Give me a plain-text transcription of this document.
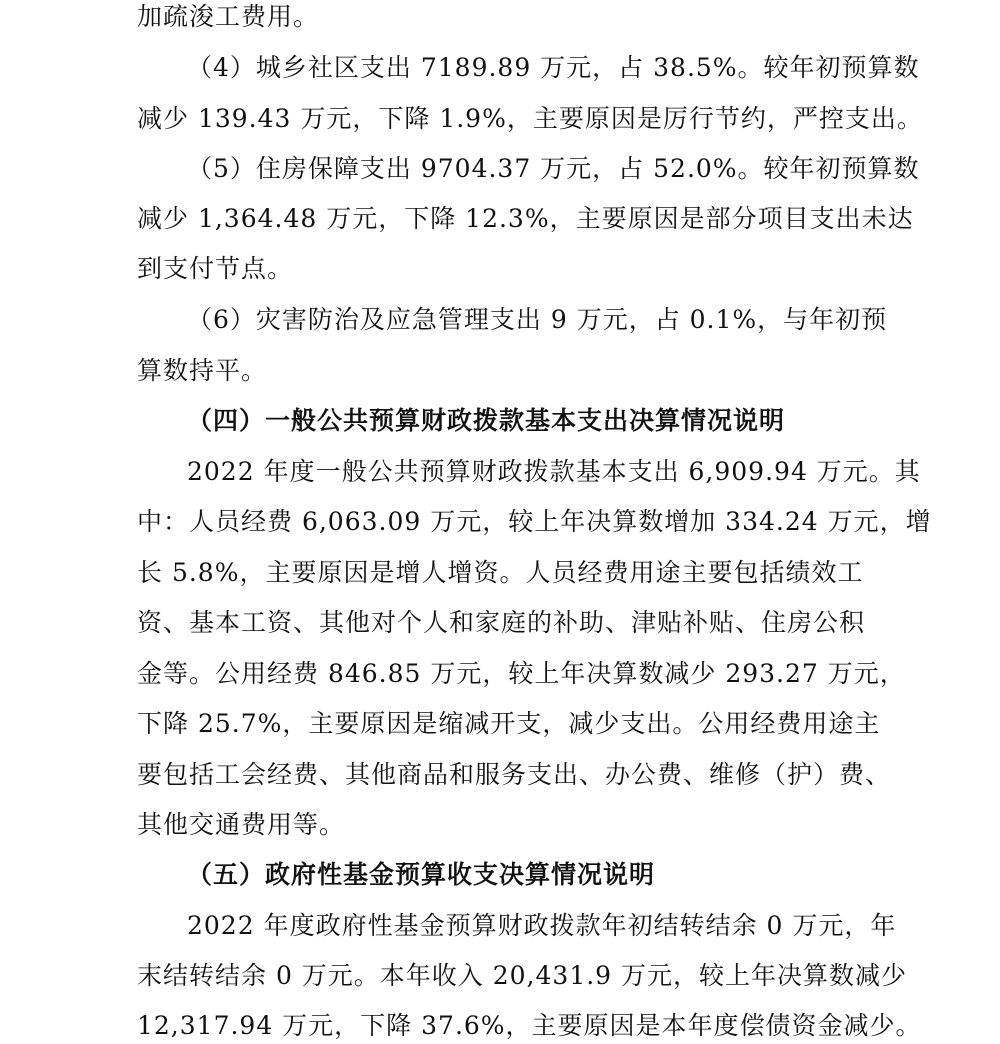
加疏浚工费用。
（4）城乡社区支出 7189.89 万元，占 38.5%。较年初预算数
减少 139.43 万元，下降 1.9%，主要原因是厉行节约，严控支出。
（5）住房保障支出 9704.37 万元，占 52.0%。较年初预算数
减少 1,364.48 万元，下降 12.3%，主要原因是部分项目支出未达
到支付节点。
（6）灾害防治及应急管理支出 9 万元，占 0.1%，与年初预
算数持平。
（四）一般公共预算财政拨款基本支出决算情况说明
2022 年度一般公共预算财政拨款基本支出 6,909.94 万元。其
中：人员经费 6,063.09 万元，较上年决算数增加 334.24 万元，增
长 5.8%，主要原因是增人增资。人员经费用途主要包括绩效工
资、基本工资、其他对个人和家庭的补助、津贴补贴、住房公积
金等。公用经费 846.85 万元，较上年决算数减少 293.27 万元，
下降 25.7%，主要原因是缩减开支，减少支出。公用经费用途主
要包括工会经费、其他商品和服务支出、办公费、维修（护）费、
其他交通费用等。
（五）政府性基金预算收支决算情况说明
2022 年度政府性基金预算财政拨款年初结转结余 0 万元，年
末结转结余 0 万元。本年收入 20,431.9 万元，较上年决算数减少
12,317.94 万元，下降 37.6%，主要原因是本年度偿债资金减少。
